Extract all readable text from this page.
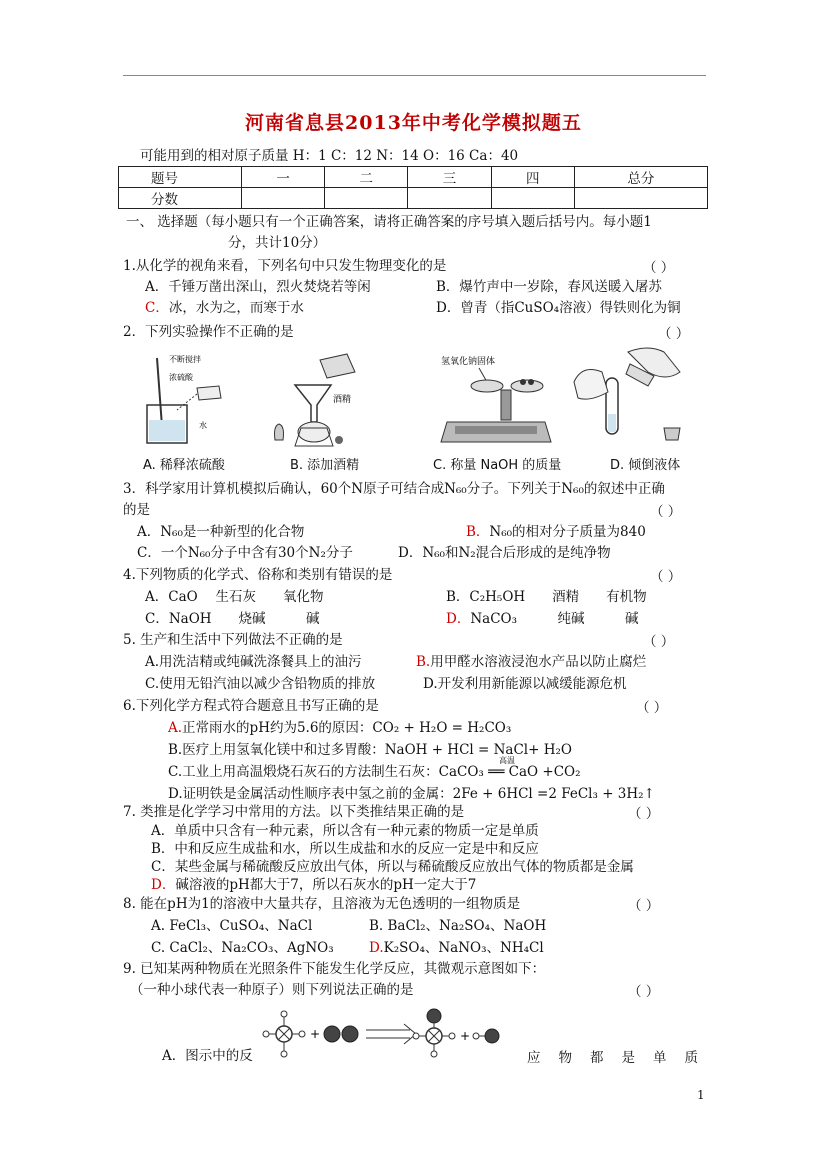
河南省息县2013年中考化学模拟题五
可能用到的相对原子质量 H：1 C：12 N：14 O：16 Ca：40
题号	一	二	三	四	总分
分数					
一、 选择题（每小题只有一个正确答案，请将正确答案的序号填入题后括号内。每小题1
分，共计10分）
1.从化学的视角来看，下列名句中只发生物理变化的是	（ ）
A．千锤万凿出深山，烈火焚烧若等闲	B．爆竹声中一岁除，春风送暖入屠苏
C．冰，水为之，而寒于水	D．曾青（指CuSO₄溶液）得铁则化为铜
2．下列实验操作不正确的是	（ ）
不断搅拌
浓硫酸
水
A. 稀释浓硫酸
酒精
B. 添加酒精
氢氧化钠固体
C. 称量 NaOH 的质量	D. 倾倒液体
3．科学家用计算机模拟后确认，60个N原子可结合成N₆₀分子。下列关于N₆₀的叙述中正确
的是	（ ）
A．N₆₀是一种新型的化合物	B．N₆₀的相对分子质量为840
C．一个N₆₀分子中含有30个N₂分子	D．N₆₀和N₂混合后形成的是纯净物
4.下列物质的化学式、俗称和类别有错误的是	（ ）
A．CaO　 生石灰　　氧化物	B．C₂H₅OH　　酒精　　有机物
C．NaOH　　烧碱　　　碱	D．NaCO₃　　　纯碱　　　碱
5. 生产和生活中下列做法不正确的是	（ ）
A.用洗洁精或纯碱洗涤餐具上的油污	B.用甲醛水溶液浸泡水产品以防止腐烂
C.使用无铅汽油以减少含铅物质的排放	D.开发利用新能源以减缓能源危机
6.下列化学方程式符合题意且书写正确的是	（ ）
A.正常雨水的pH约为5.6的原因：CO₂ + H₂O = H₂CO₃
B.医疗上用氢氧化镁中和过多胃酸：NaOH + HCl = NaCl+ H₂O
C.工业上用高温煅烧石灰石的方法制生石灰：CaCO₃ ══ CaO +CO₂
高温
D.证明铁是金属活动性顺序表中氢之前的金属：2Fe + 6HCl =2 FeCl₃ + 3H₂↑
7. 类推是化学学习中常用的方法。以下类推结果正确的是	（ ）
A．单质中只含有一种元素，所以含有一种元素的物质一定是单质
B．中和反应生成盐和水，所以生成盐和水的反应一定是中和反应
C．某些金属与稀硫酸反应放出气体，所以与稀硫酸反应放出气体的物质都是金属
D．碱溶液的pH都大于7，所以石灰水的pH一定大于7
8. 能在pH为1的溶液中大量共存，且溶液为无色透明的一组物质是	（ ）
A. FeCl₃、CuSO₄、NaCl	B. BaCl₂、Na₂SO₄、NaOH
C. CaCl₂、Na₂CO₃、AgNO₃	D.K₂SO₄、NaNO₃、NH₄Cl
9. 已知某两种物质在光照条件下能发生化学反应，其微观示意图如下：
（一种小球代表一种原子）则下列说法正确的是	（ ）
+	+
A．图示中的反	应物都是单质
1
